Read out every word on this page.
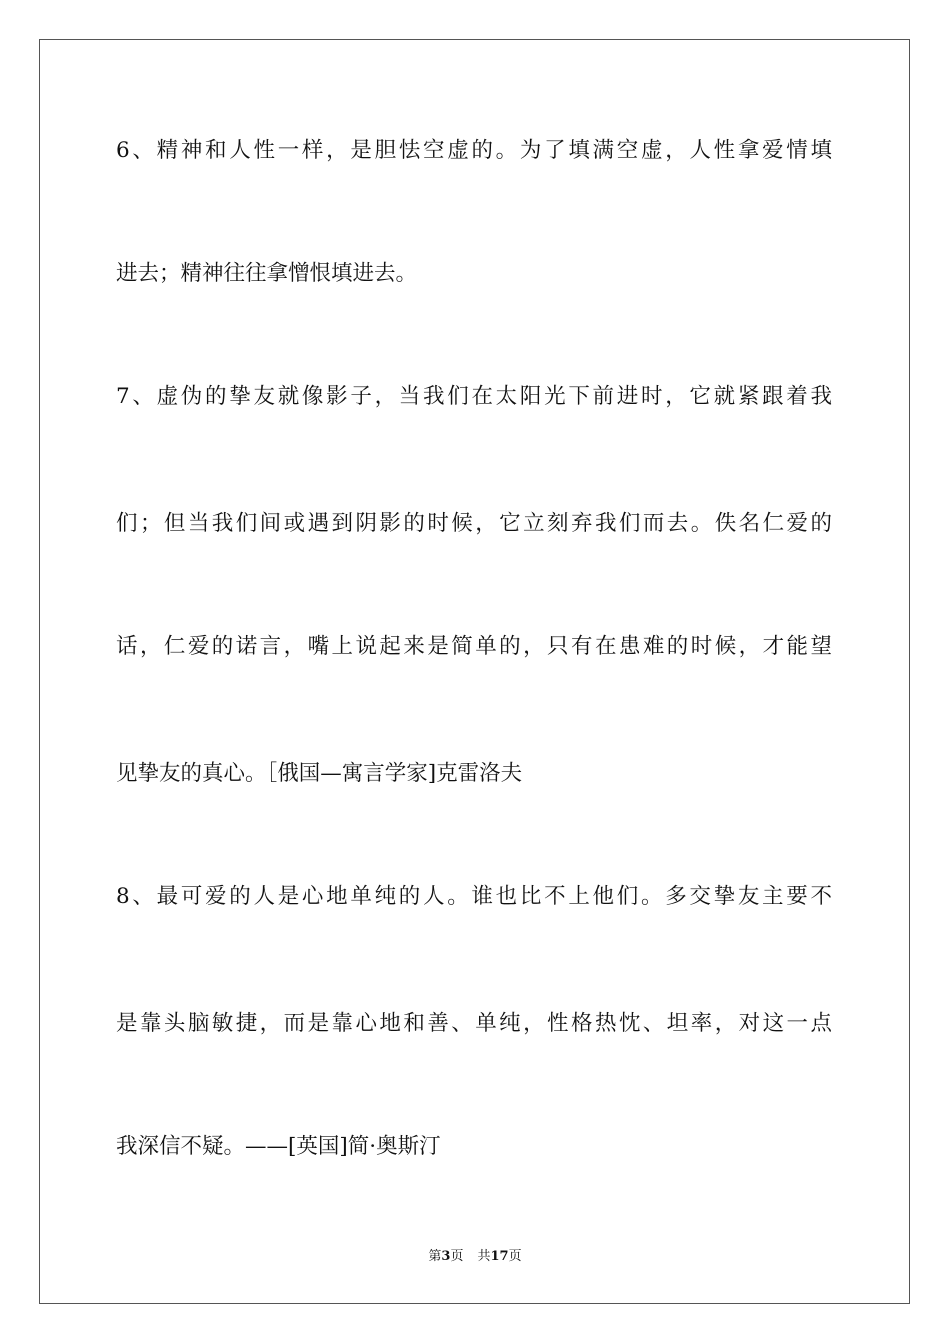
6、精神和人性一样，是胆怯空虚的。为了填满空虚，人性拿爱情填
进去；精神往往拿憎恨填进去。
7、虚伪的挚友就像影子，当我们在太阳光下前进时，它就紧跟着我
们；但当我们间或遇到阴影的时候，它立刻弃我们而去。佚名仁爱的
话，仁爱的诺言，嘴上说起来是简单的，只有在患难的时候，才能望
见挚友的真心。［俄国—寓言学家]克雷洛夫
8、最可爱的人是心地单纯的人。谁也比不上他们。多交挚友主要不
是靠头脑敏捷，而是靠心地和善、单纯，性格热忱、坦率，对这一点
我深信不疑。——[英国]简·奥斯汀
第3页 共17页
